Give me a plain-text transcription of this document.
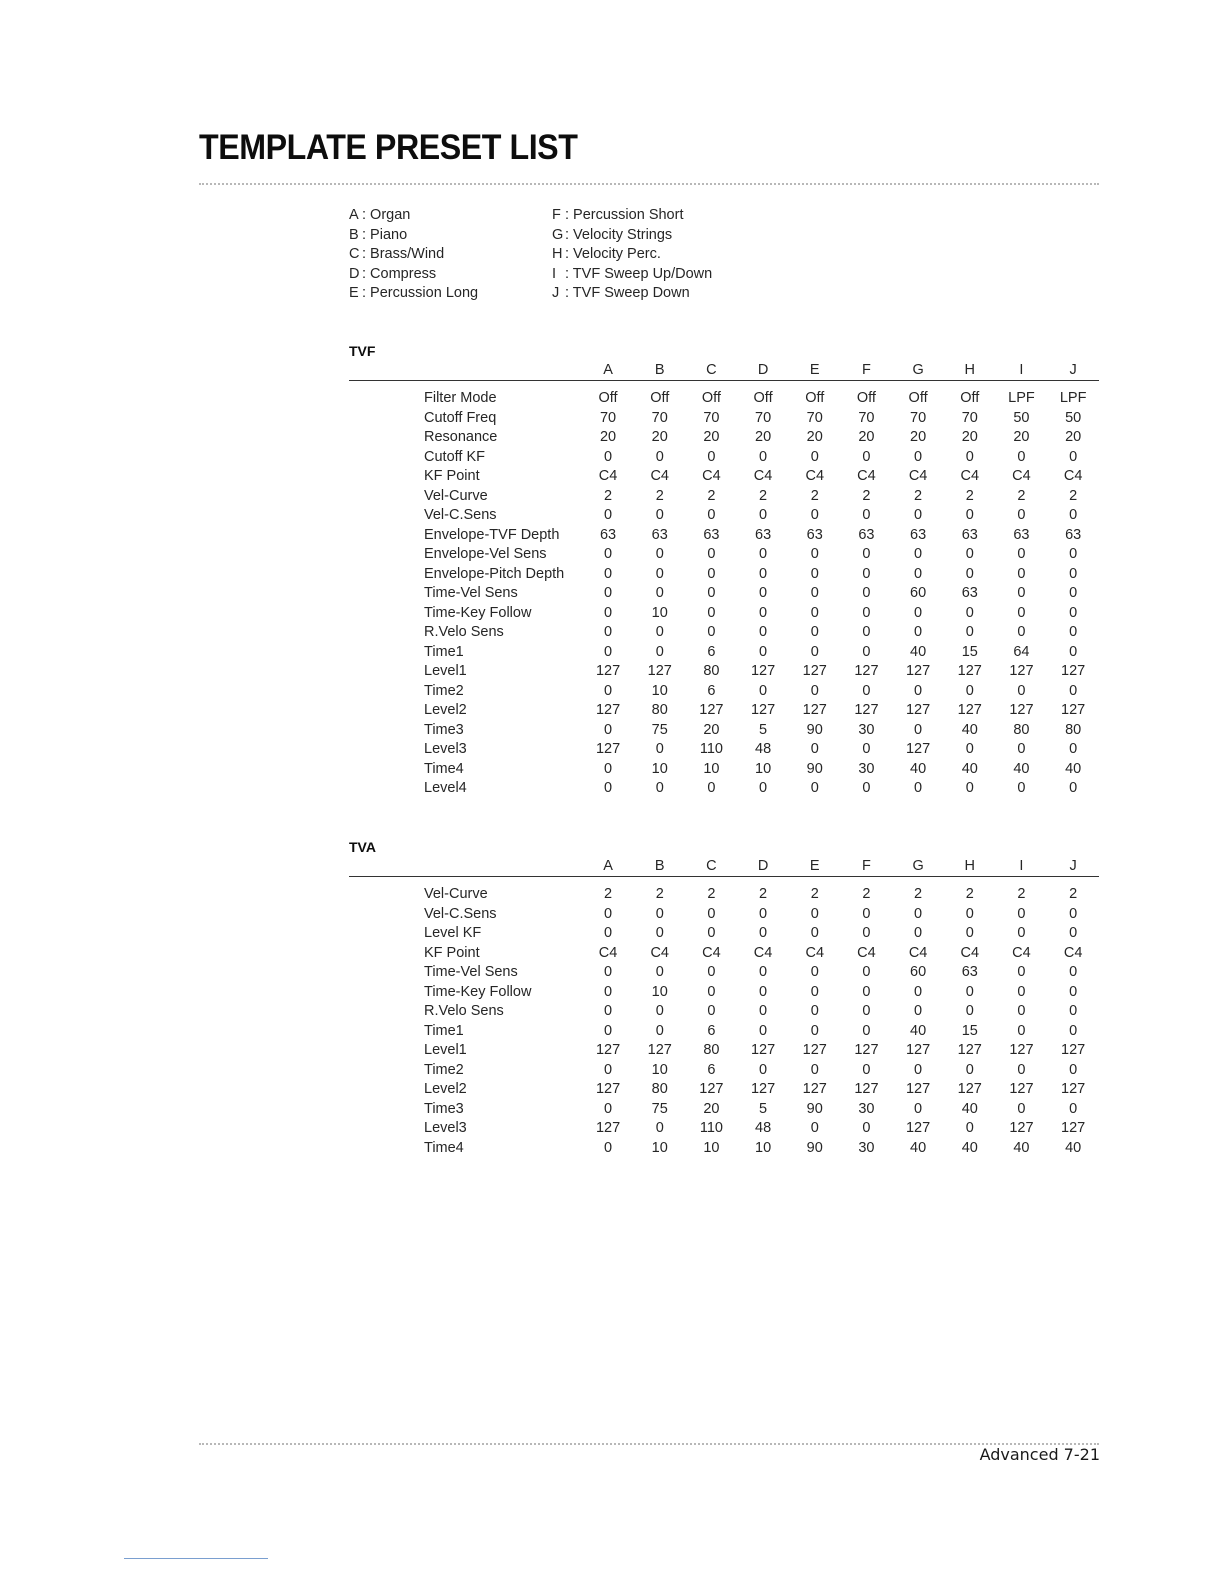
TEMPLATE PRESET LIST
A : Organ
B : Piano
C : Brass/Wind
D : Compress
E : Percussion Long
F : Percussion Short
G : Velocity Strings
H : Velocity Perc.
I : TVF Sweep Up/Down
J : TVF Sweep Down
TVF
	A	B	C	D	E	F	G	H	I	J
Filter Mode	Off	Off	Off	Off	Off	Off	Off	Off	LPF	LPF
Cutoff Freq	70	70	70	70	70	70	70	70	50	50
Resonance	20	20	20	20	20	20	20	20	20	20
Cutoff KF	0	0	0	0	0	0	0	0	0	0
KF Point	C4	C4	C4	C4	C4	C4	C4	C4	C4	C4
Vel-Curve	2	2	2	2	2	2	2	2	2	2
Vel-C.Sens	0	0	0	0	0	0	0	0	0	0
Envelope-TVF Depth	63	63	63	63	63	63	63	63	63	63
Envelope-Vel Sens	0	0	0	0	0	0	0	0	0	0
Envelope-Pitch Depth	0	0	0	0	0	0	0	0	0	0
Time-Vel Sens	0	0	0	0	0	0	60	63	0	0
Time-Key Follow	0	10	0	0	0	0	0	0	0	0
R.Velo Sens	0	0	0	0	0	0	0	0	0	0
Time1	0	0	6	0	0	0	40	15	64	0
Level1	127	127	80	127	127	127	127	127	127	127
Time2	0	10	6	0	0	0	0	0	0	0
Level2	127	80	127	127	127	127	127	127	127	127
Time3	0	75	20	5	90	30	0	40	80	80
Level3	127	0	110	48	0	0	127	0	0	0
Time4	0	10	10	10	90	30	40	40	40	40
Level4	0	0	0	0	0	0	0	0	0	0
TVA
	A	B	C	D	E	F	G	H	I	J
Vel-Curve	2	2	2	2	2	2	2	2	2	2
Vel-C.Sens	0	0	0	0	0	0	0	0	0	0
Level KF	0	0	0	0	0	0	0	0	0	0
KF Point	C4	C4	C4	C4	C4	C4	C4	C4	C4	C4
Time-Vel Sens	0	0	0	0	0	0	60	63	0	0
Time-Key Follow	0	10	0	0	0	0	0	0	0	0
R.Velo Sens	0	0	0	0	0	0	0	0	0	0
Time1	0	0	6	0	0	0	40	15	0	0
Level1	127	127	80	127	127	127	127	127	127	127
Time2	0	10	6	0	0	0	0	0	0	0
Level2	127	80	127	127	127	127	127	127	127	127
Time3	0	75	20	5	90	30	0	40	0	0
Level3	127	0	110	48	0	0	127	0	127	127
Time4	0	10	10	10	90	30	40	40	40	40
Advanced 7-21
